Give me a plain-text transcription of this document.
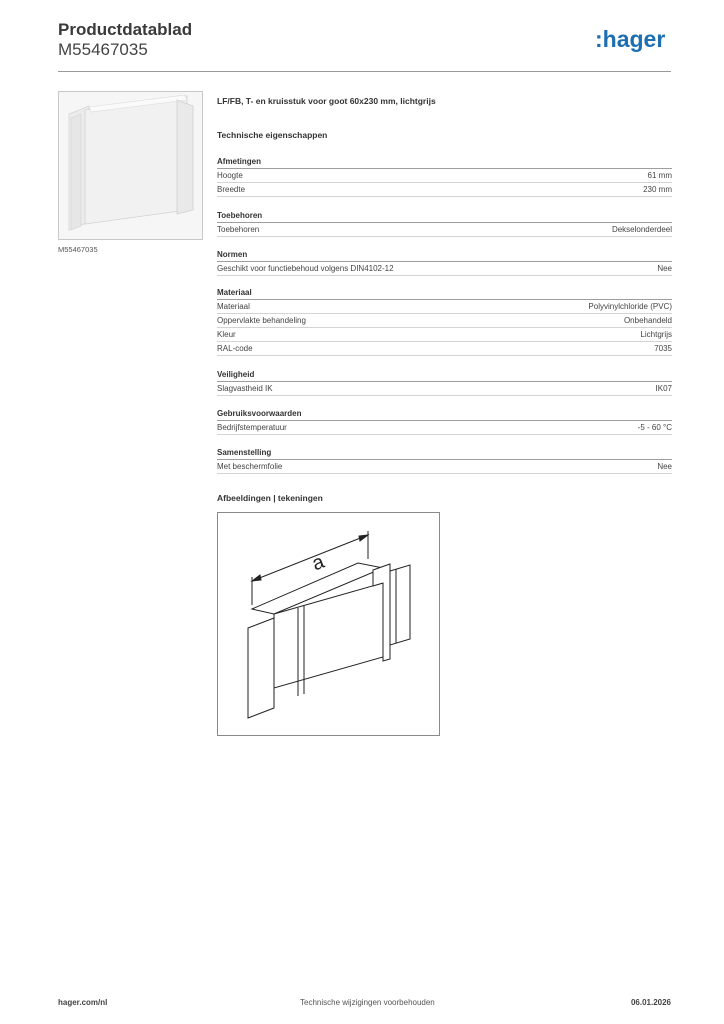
Productdatablad
M55467035	:hager
M55467035
LF/FB, T- en kruisstuk voor goot 60x230 mm, lichtgrijs
Technische eigenschappen
Afmetingen
Hoogte	61 mm
Breedte	230 mm
Toebehoren
Toebehoren	Dekselonderdeel
Normen
Geschikt voor functiebehoud volgens DIN4102-12	Nee
Materiaal
Materiaal	Polyvinylchloride (PVC)
Oppervlakte behandeling	Onbehandeld
Kleur	Lichtgrijs
RAL-code	7035
Veiligheid
Slagvastheid IK	IK07
Gebruiksvoorwaarden
Bedrijfstemperatuur	-5 - 60 °C
Samenstelling
Met beschermfolie	Nee
Afbeeldingen | tekeningen
a
hager.com/nl	Technische wijzigingen voorbehouden	06.01.2026
